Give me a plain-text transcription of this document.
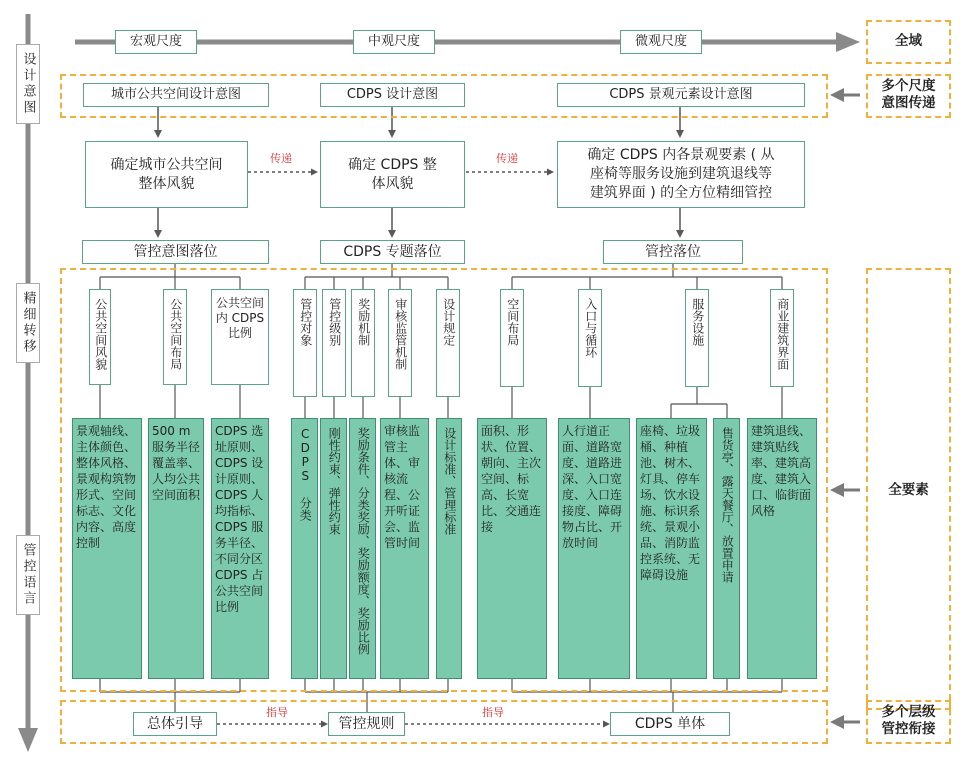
宏观尺度	中观尺度	微观尺度	全域
多个尺度
意图传递
全要素
多个层级
管控衔接
设计意图
精细转移
管控语言
城市公共空间设计意图	CDPS 设计意图	CDPS 景观元素设计意图
确定城市公共空间
整体风貌
确定 CDPS 整
体风貌
确定 CDPS 内各景观要素 ( 从
座椅等服务设施到建筑退线等
建筑界面 ) 的全方位精细管控
传递	传递
管控意图落位	CDPS 专题落位	管控落位
公共空间风貌	公共空间布局	公共空间内 CDPS 比例	管控对象 管控级别 奖励机制 审核监管机制	设计规定	空间布局	入口与循环	服务设施	商业建筑界面
景观轴线、主体颜色、整体风格、景观构筑物形式、空间标志、文化内容、高度控制
500 m 服务半径覆盖率、人均公共空间面积
CDPS 选址原则、CDPS 设计原则、CDPS 人均指标、CDPS 服务半径、不同分区 CDPS 占公共空间比例
CDPS 分类 刚性约束、弹性约束 奖励条件、分类奖励、奖励额度、奖励比例	审核监管主体、审核流程、公开听证会、监管时间
设计标准、管理标准	面积、形状、位置、朝向、主次空间、标高、长宽比、交通连接
人行道正面、道路宽度、道路进深、入口宽度、入口连接度、障碍物占比、开放时间
座椅、垃圾桶、种植池、树木、灯具、停车场、饮水设施、标识系统、景观小品、消防监控系统、无障碍设施	售货亭、露天餐厅、放置申请	建筑退线、建筑贴线率、建筑高度、建筑入口、临街面风格
总体引导	管控规则	CDPS 单体
指导	指导
